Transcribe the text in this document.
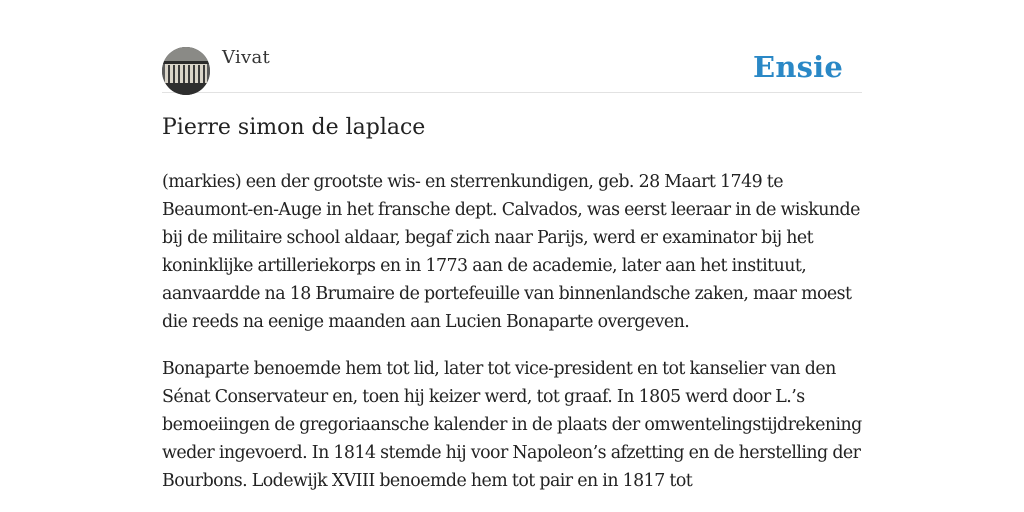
Vivat	Ensie
Pierre simon de laplace

(markies) een der grootste wis- en sterrenkundigen, geb. 28 Maart 1749 te Beaumont-en-Auge in het fransche dept. Calvados, was eerst leeraar in de wiskunde bij de militaire school aldaar, begaf zich naar Parijs, werd er examinator bij het koninklijke artilleriekorps en in 1773 aan de academie, later aan het instituut, aanvaardde na 18 Brumaire de portefeuille van binnenlandsche zaken, maar moest die reeds na eenige maanden aan Lucien Bonaparte overgeven.

Bonaparte benoemde hem tot lid, later tot vice-president en tot kanselier van den Sénat Conservateur en, toen hij keizer werd, tot graaf. In 1805 werd door L.’s bemoeiingen de gregoriaansche kalender in de plaats der omwentelingstijdrekening weder ingevoerd. In 1814 stemde hij voor Napoleon’s afzetting en de herstelling der Bourbons. Lodewijk XVIII benoemde hem tot pair en in 1817 tot
